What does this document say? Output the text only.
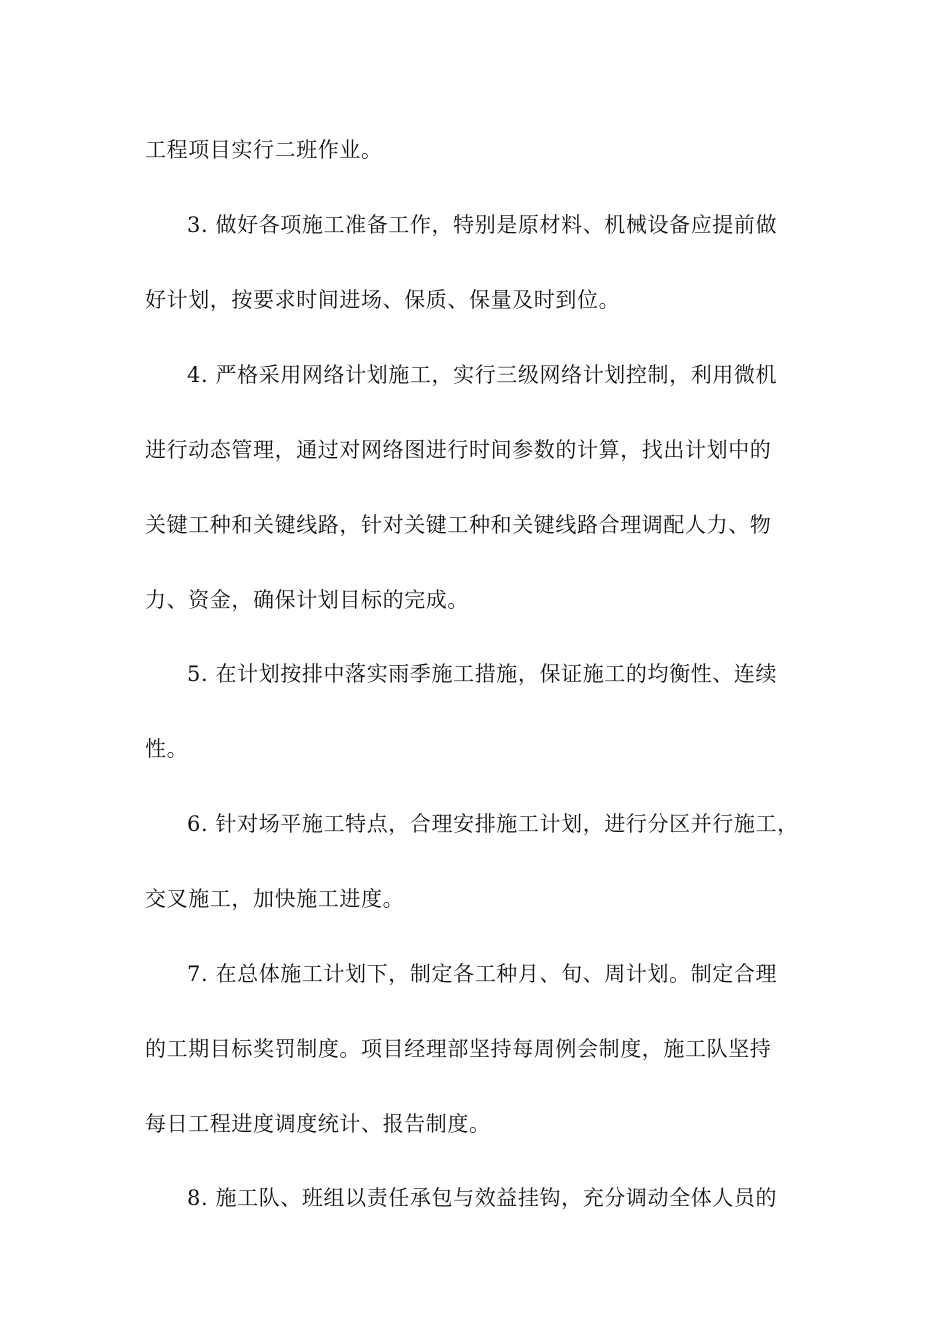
工程项目实行二班作业。
3. 做好各项施工准备工作，特别是原材料、机械设备应提前做
好计划，按要求时间进场、保质、保量及时到位。
4. 严格采用网络计划施工，实行三级网络计划控制，利用微机
进行动态管理，通过对网络图进行时间参数的计算，找出计划中的
关键工种和关键线路，针对关键工种和关键线路合理调配人力、物
力、资金，确保计划目标的完成。
5. 在计划按排中落实雨季施工措施，保证施工的均衡性、连续
性。
6. 针对场平施工特点，合理安排施工计划，进行分区并行施工，
交叉施工，加快施工进度。
7. 在总体施工计划下，制定各工种月、旬、周计划。制定合理
的工期目标奖罚制度。项目经理部坚持每周例会制度，施工队坚持
每日工程进度调度统计、报告制度。
8. 施工队、班组以责任承包与效益挂钩，充分调动全体人员的
